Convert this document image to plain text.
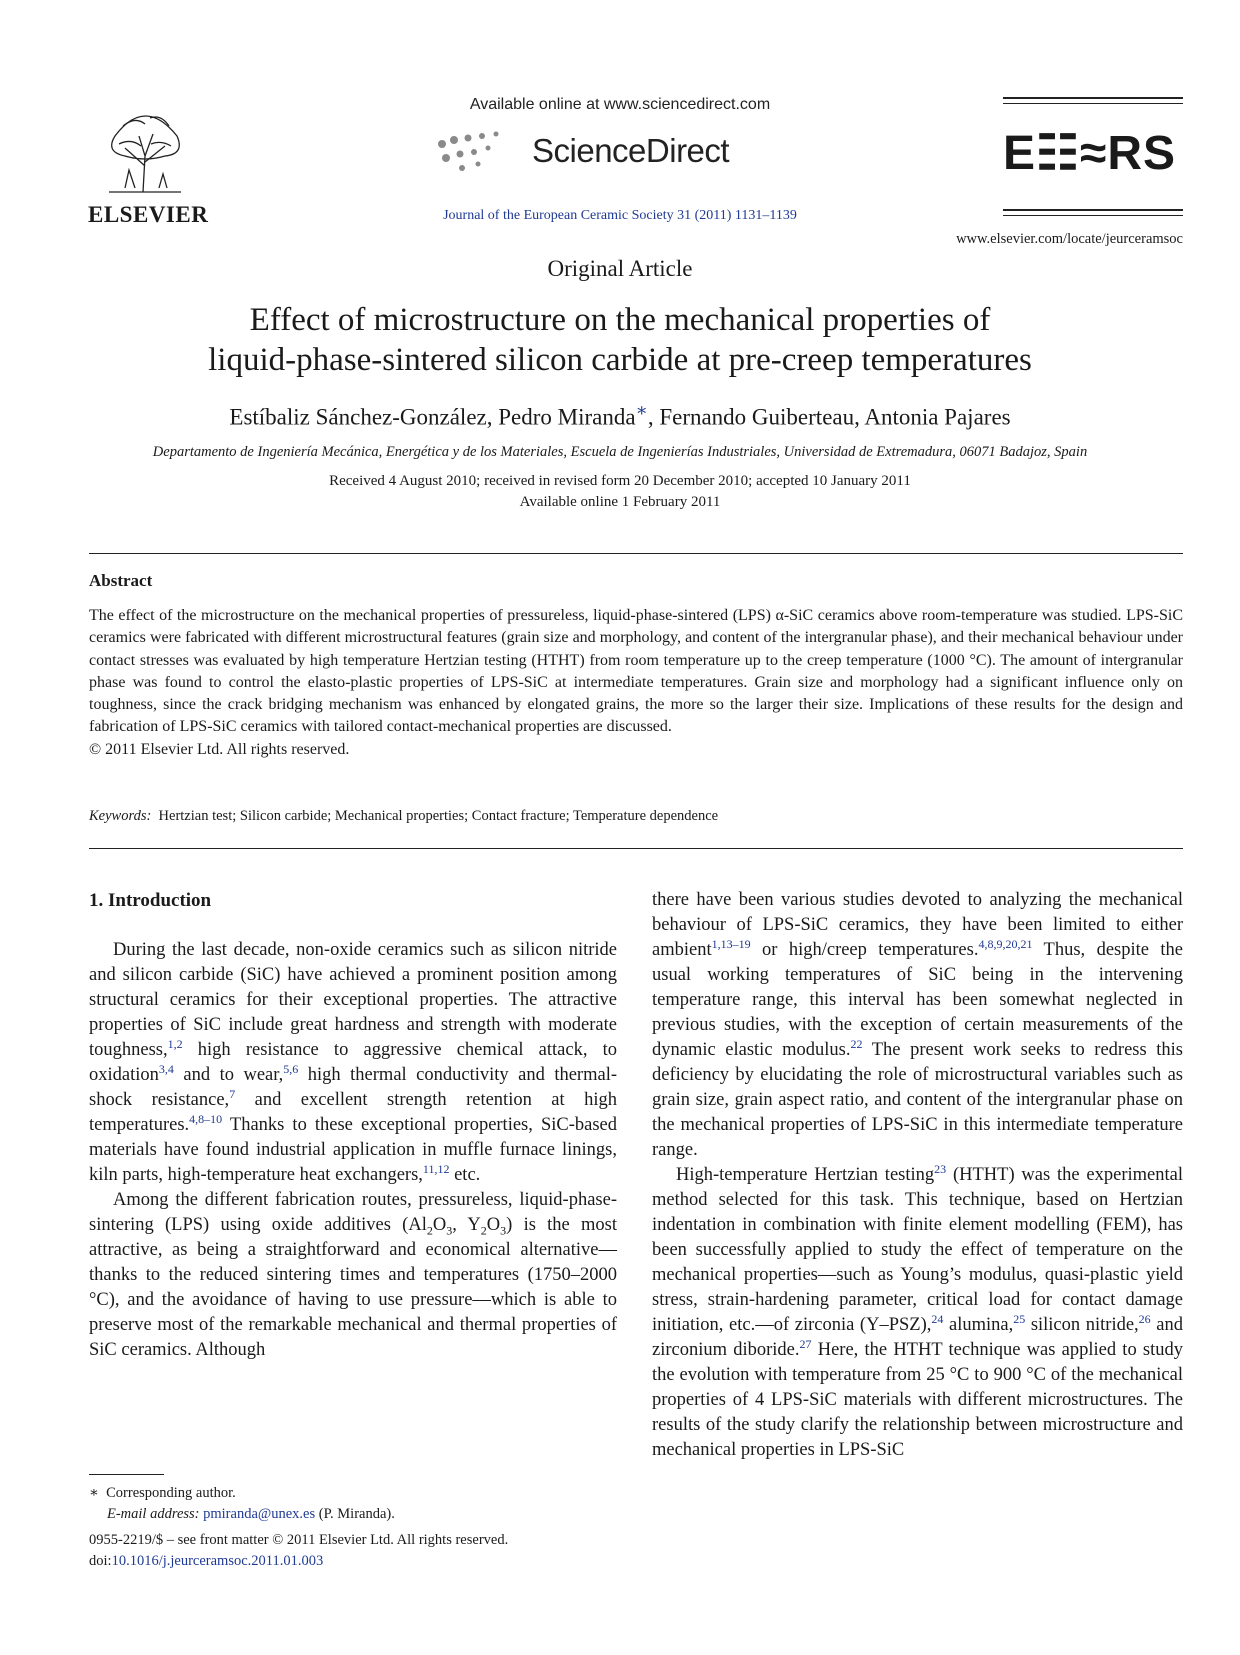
ELSEVIER
Available online at www.sciencedirect.com
ScienceDirect
Journal of the European Ceramic Society 31 (2011) 1131–1139
E☷≈RS
www.elsevier.com/locate/jeurceramsoc
Original Article
Effect of microstructure on the mechanical properties of
liquid-phase-sintered silicon carbide at pre-creep temperatures
Estíbaliz Sánchez-González, Pedro Miranda∗, Fernando Guiberteau, Antonia Pajares
Departamento de Ingeniería Mecánica, Energética y de los Materiales, Escuela de Ingenierías Industriales, Universidad de Extremadura, 06071 Badajoz, Spain
Received 4 August 2010; received in revised form 20 December 2010; accepted 10 January 2011
Available online 1 February 2011
Abstract

The effect of the microstructure on the mechanical properties of pressureless, liquid-phase-sintered (LPS) α-SiC ceramics above room-temperature was studied. LPS-SiC ceramics were fabricated with different microstructural features (grain size and morphology, and content of the intergranular phase), and their mechanical behaviour under contact stresses was evaluated by high temperature Hertzian testing (HTHT) from room temperature up to the creep temperature (1000 °C). The amount of intergranular phase was found to control the elasto-plastic properties of LPS-SiC at intermediate temperatures. Grain size and morphology had a significant influence only on toughness, since the crack bridging mechanism was enhanced by elongated grains, the more so the larger their size. Implications of these results for the design and fabrication of LPS-SiC ceramics with tailored contact-mechanical properties are discussed.

© 2011 Elsevier Ltd. All rights reserved.

Keywords: Hertzian test; Silicon carbide; Mechanical properties; Contact fracture; Temperature dependence
1. Introduction

During the last decade, non-oxide ceramics such as silicon nitride and silicon carbide (SiC) have achieved a prominent position among structural ceramics for their exceptional properties. The attractive properties of SiC include great hardness and strength with moderate toughness,$^{1,2}$ high resistance to aggressive chemical attack, to oxidation$^{3,4}$ and to wear,$^{5,6}$ high thermal conductivity and thermal-shock resistance,$^7$ and excellent strength retention at high temperatures.$^{4,8-10}$ Thanks to these exceptional properties, SiC-based materials have found industrial application in muffle furnace linings, kiln parts, high-temperature heat exchangers,$^{11,12}$ etc.

Among the different fabrication routes, pressureless, liquid-phase-sintering (LPS) using oxide additives ($Al_2O_3$, $Y_2O_3$) is the most attractive, as being a straightforward and economical alternative—thanks to the reduced sintering times and temperatures (1750–2000 °C), and the avoidance of having to use pressure—which is able to preserve most of the remarkable mechanical and thermal properties of SiC ceramics. Although

there have been various studies devoted to analyzing the mechanical behaviour of LPS-SiC ceramics, they have been limited to either ambient$^{1,13-19}$ or high/creep temperatures.$^{4,8,9,20,21}$ Thus, despite the usual working temperatures of SiC being in the intervening temperature range, this interval has been somewhat neglected in previous studies, with the exception of certain measurements of the dynamic elastic modulus.$^{22}$ The present work seeks to redress this deficiency by elucidating the role of microstructural variables such as grain size, grain aspect ratio, and content of the intergranular phase on the mechanical properties of LPS-SiC in this intermediate temperature range.

High-temperature Hertzian testing$^{23}$ (HTHT) was the experimental method selected for this task. This technique, based on Hertzian indentation in combination with finite element modelling (FEM), has been successfully applied to study the effect of temperature on the mechanical properties—such as Young’s modulus, quasi-plastic yield stress, strain-hardening parameter, critical load for contact damage initiation, etc.—of zirconia (Y–PSZ),$^{24}$ alumina,$^{25}$ silicon nitride,$^{26}$ and zirconium diboride.$^{27}$ Here, the HTHT technique was applied to study the evolution with temperature from 25 °C to 900 °C of the mechanical properties of 4 LPS-SiC materials with different microstructures. The results of the study clarify the relationship between microstructure and mechanical properties in LPS-SiC

∗ Corresponding author.
E-mail address: pmiranda@unex.es (P. Miranda).
0955-2219/$ – see front matter © 2011 Elsevier Ltd. All rights reserved.
doi:10.1016/j.jeurceramsoc.2011.01.003
